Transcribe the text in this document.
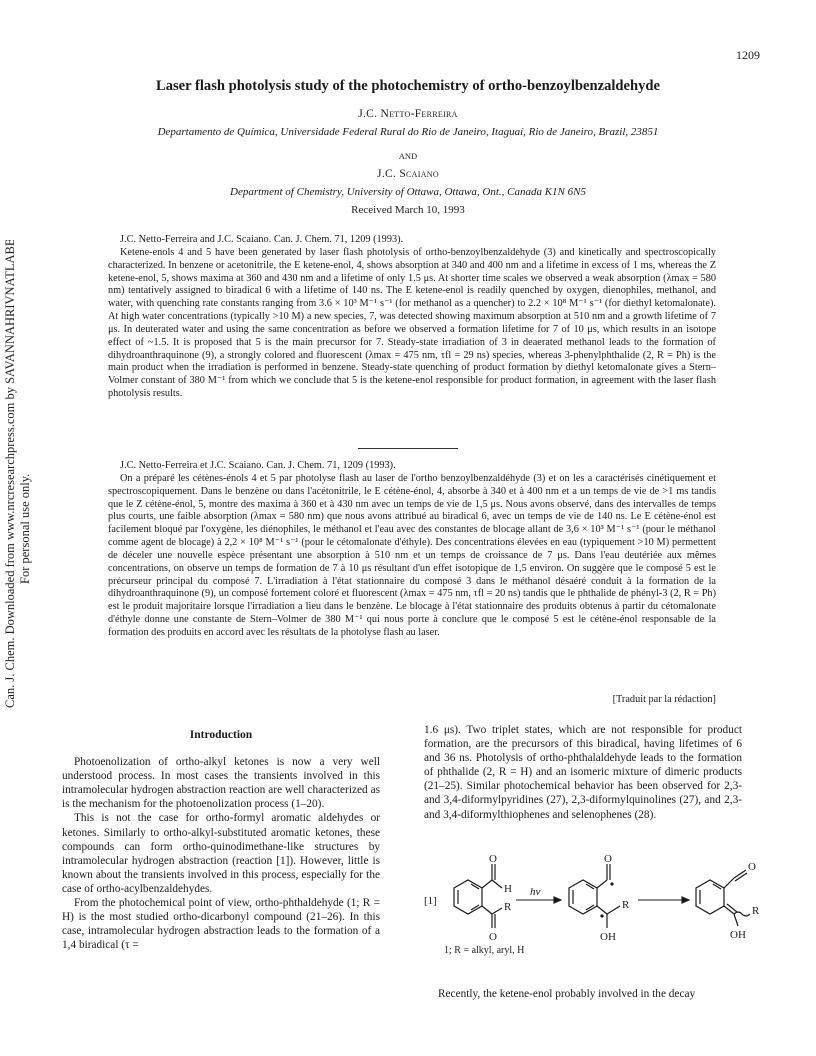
1209
Can. J. Chem. Downloaded from www.nrcresearchpress.com by SAVANNAHRIVNATLABBF on 11/12/14 For personal use only.
Laser flash photolysis study of the photochemistry of ortho-benzoylbenzaldehyde
J.C. Netto-Ferreira
Departamento de Química, Universidade Federal Rural do Rio de Janeiro, Itaguaí, Rio de Janeiro, Brazil, 23851
AND
J.C. Scaiano
Department of Chemistry, University of Ottawa, Ottawa, Ont., Canada K1N 6N5
Received March 10, 1993

J.C. Netto-Ferreira and J.C. Scaiano. Can. J. Chem. 71, 1209 (1993).

Ketene-enols 4 and 5 have been generated by laser flash photolysis of ortho-benzoylbenzaldehyde (3) and kinetically and spectroscopically characterized. In benzene or acetonitrile, the E ketene-enol, 4, shows absorption at 340 and 400 nm and a lifetime in excess of 1 ms, whereas the Z ketene-enol, 5, shows maxima at 360 and 430 nm and a lifetime of only 1.5 μs. At shorter time scales we observed a weak absorption (λmax = 580 nm) tentatively assigned to biradical 6 with a lifetime of 140 ns. The E ketene-enol is readily quenched by oxygen, dienophiles, methanol, and water, with quenching rate constants ranging from 3.6 × 10³ M⁻¹ s⁻¹ (for methanol as a quencher) to 2.2 × 10⁸ M⁻¹ s⁻¹ (for diethyl ketomalonate). At high water concentrations (typically >10 M) a new species, 7, was detected showing maximum absorption at 510 nm and a growth lifetime of 7 μs. In deuterated water and using the same concentration as before we observed a formation lifetime for 7 of 10 μs, which results in an isotope effect of ~1.5. It is proposed that 5 is the main precursor for 7. Steady-state irradiation of 3 in deaerated methanol leads to the formation of dihydroanthraquinone (9), a strongly colored and fluorescent (λmax = 475 nm, τfl = 29 ns) species, whereas 3-phenylphthalide (2, R = Ph) is the main product when the irradiation is performed in benzene. Steady-state quenching of product formation by diethyl ketomalonate gives a Stern–Volmer constant of 380 M⁻¹ from which we conclude that 5 is the ketene-enol responsible for product formation, in agreement with the laser flash photolysis results.

J.C. Netto-Ferreira et J.C. Scaiano. Can. J. Chem. 71, 1209 (1993).

On a préparé les cétènes-énols 4 et 5 par photolyse flash au laser de l'ortho benzoylbenzaldéhyde (3) et on les a caractérisés cinétiquement et spectroscopiquement. Dans le benzène ou dans l'acétonitrile, le E cétène-énol, 4, absorbe à 340 et à 400 nm et a un temps de vie de >1 ms tandis que le Z cétène-énol, 5, montre des maxima à 360 et à 430 nm avec un temps de vie de 1,5 μs. Nous avons observé, dans des intervalles de temps plus courts, une faible absorption (λmax = 580 nm) que nous avons attribué au biradical 6, avec un temps de vie de 140 ns. Le E cétène-énol est facilement bloqué par l'oxygène, les diénophiles, le méthanol et l'eau avec des constantes de blocage allant de 3,6 × 10³ M⁻¹ s⁻¹ (pour le méthanol comme agent de blocage) à 2,2 × 10⁸ M⁻¹ s⁻¹ (pour le cétomalonate d'éthyle). Des concentrations élevées en eau (typiquement >10 M) permettent de déceler une nouvelle espèce présentant une absorption à 510 nm et un temps de croissance de 7 μs. Dans l'eau deutériée aux mêmes concentrations, on observe un temps de formation de 7 à 10 μs résultant d'un effet isotopique de 1,5 environ. On suggère que le composé 5 est le précurseur principal du composé 7. L'irradiation à l'état stationnaire du composé 3 dans le méthanol désaéré conduit à la formation de la dihydroanthraquinone (9), un composé fortement coloré et fluorescent (λmax = 475 nm, τfl = 20 ns) tandis que le phthalide de phényl-3 (2, R = Ph) est le produit majoritaire lorsque l'irradiation a lieu dans le benzène. Le blocage à l'état stationnaire des produits obtenus à partir du cétomalonate d'éthyle donne une constante de Stern–Volmer de 380 M⁻¹ qui nous porte à conclure que le composé 5 est le cétène-énol responsable de la formation des produits en accord avec les résultats de la photolyse flash au laser.

[Traduit par la rédaction]

Introduction

Photoenolization of ortho-alkyl ketones is now a very well understood process. In most cases the transients involved in this intramolecular hydrogen abstraction reaction are well characterized as is the mechanism for the photoenolization process (1–20).

This is not the case for ortho-formyl aromatic aldehydes or ketones. Similarly to ortho-alkyl-substituted aromatic ketones, these compounds can form ortho-quinodimethane-like structures by intramolecular hydrogen abstraction (reaction [1]). However, little is known about the transients involved in this process, especially for the case of ortho-acylbenzaldehydes.

From the photochemical point of view, ortho-phthaldehyde (1; R = H) is the most studied ortho-dicarbonyl compound (21–26). In this case, intramolecular hydrogen abstraction leads to the formation of a 1,4 biradical (τ =

1.6 μs). Two triplet states, which are not responsible for product formation, are the precursors of this biradical, having lifetimes of 6 and 36 ns. Photolysis of ortho-phthalaldehyde leads to the formation of phthalide (2, R = H) and an isomeric mixture of dimeric products (21–25). Similar photochemical behavior has been observed for 2,3- and 3,4-diformylpyridines (27), 2,3-diformylquinolines (27), and 2,3- and 3,4-diformylthiophenes and selenophenes (28).

[1]
O
H
R
O
hν
O
R
OH
O
R
OH
1; R = alkyl, aryl, H
Recently, the ketene-enol probably involved in the decay
